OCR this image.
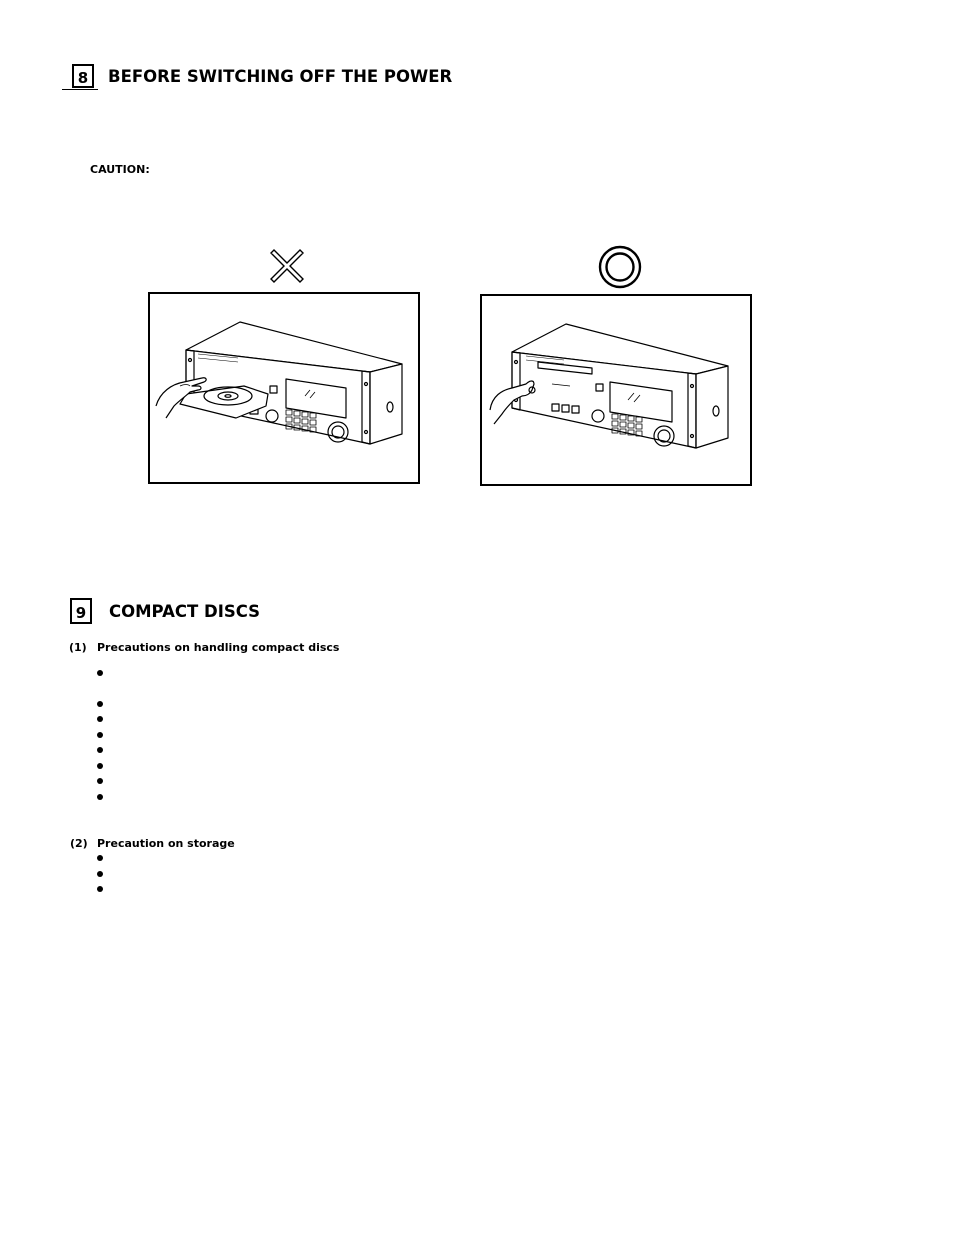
8	BEFORE SWITCHING OFF THE POWER
CAUTION:
9	COMPACT DISCS
(1) Precautions on handling compact discs
(2) Precaution on storage
